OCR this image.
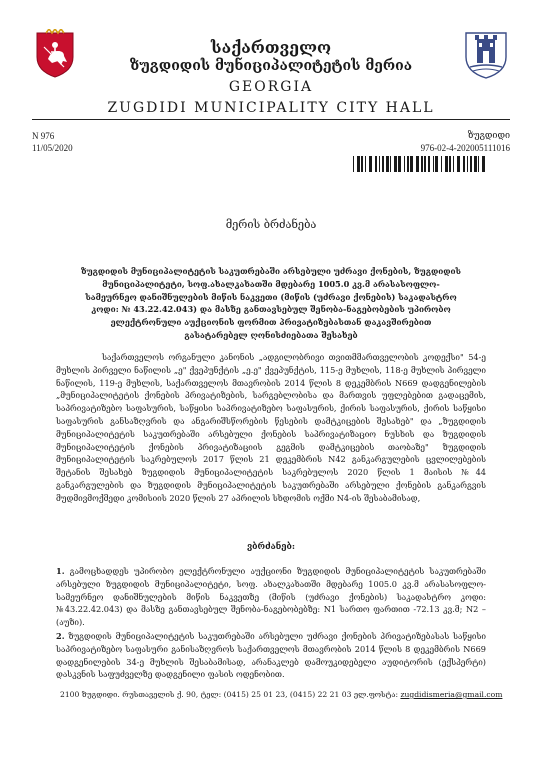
საქართველო
ზუგდიდის მუნიციპალიტეტის მერია
GEORGIA
ZUGDIDI MUNICIPALITY CITY HALL
N 976
11/05/2020
ზუგდიდი
976-02-4-202005111016
მერის ბრძანება
ზუგდიდის მუნიციპალიტეტის საკუთრებაში არსებული უძრავი ქონების, ზუგდიდის მუნიციპალიტეტი, სოფ.ახალკახათში მდებარე 1005.0 კვ.მ არასასოფლო-სამეურნეო დანიშნულების მიწის ნაკვეთი (მიწის (უძრავი ქონების) საკადასტრო კოდი: № 43.22.42.043) და მასზე განთავსებულ შენობა-ნაგებობების უპირობო ელექტრონული აუქციონის ფორმით პრივატიზებასთან დაკავშირებით გასატარებელ ღონისძიებათა შესახებ
საქართველოს ორგანული კანონის „ადგილობრივი თვითმმართველობის კოდექსი" 54-ე მუხლის პირველი ნაწილის „ე" ქვეპუნქტის „ე.ე" ქვეპუნქტის, 115-ე მუხლის, 118-ე მუხლის პირველი ნაწილის, 119-ე მუხლის, საქართველოს მთავრობის 2014 წლის 8 დეკემბრის N669 დადგენილების „მუნიციპალიტეტის ქონების პრივატიზების, სარგებლობისა და მართვის უფლებებით გადაცემის, საპრივატიზებო საფასურის, საწყისი საპრივატიზებო საფასურის, ქირის საფასურის, ქირის საწყისი საფასურის განსაზღვრის და ანგარიშსწორების წესების დამტკიცების შესახებ" და „ზუგდიდის მუნიციპალიტეტის საკუთრებაში არსებული ქონების საპრივატიზაციო ნუსხის და ზუგდიდის მუნიციპალიტეტის ქონების პრივატიზაციის გეგმის დამტკიცების თაობაზე" ზუგდიდის მუნიციპალიტეტის საკრებულოს 2017 წლის 21 დეკემბრის N42 განკარგულების ცვლილებების შეტანის შესახებ ზუგდიდის მუნიციპალიტეტის საკრებულოს 2020 წლის 1 მაისის №44 განკარგულების და ზუგდიდის მუნიციპალიტეტის საკუთრებაში არსებული ქონების განკარგვის მუდმივმოქმედი კომისიის 2020 წლის 27 აპრილის სხდომის ოქმი N4-ის შესაბამისად,
ვბრძანებ:
1. გამოცხადდეს უპირობო ელექტრონული აუქციონი ზუგდიდის მუნიციპალიტეტის საკუთრებაში არსებული ზუგდიდის მუნიციპალიტეტი, სოფ. ახალკახათში მდებარე 1005.0 კვ.მ არასასოფლო-სამეურნეო დანიშნულების მიწის ნაკვეთზე (მიწის (უძრავი ქონების) საკადასტრო კოდი: №43.22.42.043) და მასზე განთავსებულ შენობა-ნაგებობებზე: N1 სართო ფართით -72.13 კვ.მ; N2 – (აუზი).
2. ზუგდიდის მუნიციპალიტეტის საკუთრებაში არსებული უძრავი ქონების პრივატიზებასას საწყისი საპრივატიზებო საფასური განისაზღვროს საქართველოს მთავრობის 2014 წლის 8 დეკემბრის N669 დადგენილების 34-ე მუხლის შესაბამისად, არანაკლებ დამოუკიდებელი აუდიტორის (ექსპერტი) დასკვნის საფუძველზე დადგენილი ფასის ოდენობით.
2100 ზუგდიდი. რუსთაველის ქ. 90, ტელ: (0415) 25 01 23, (0415) 22 21 03 ელ.ფოსტა: zugdidismeria@gmail.com
